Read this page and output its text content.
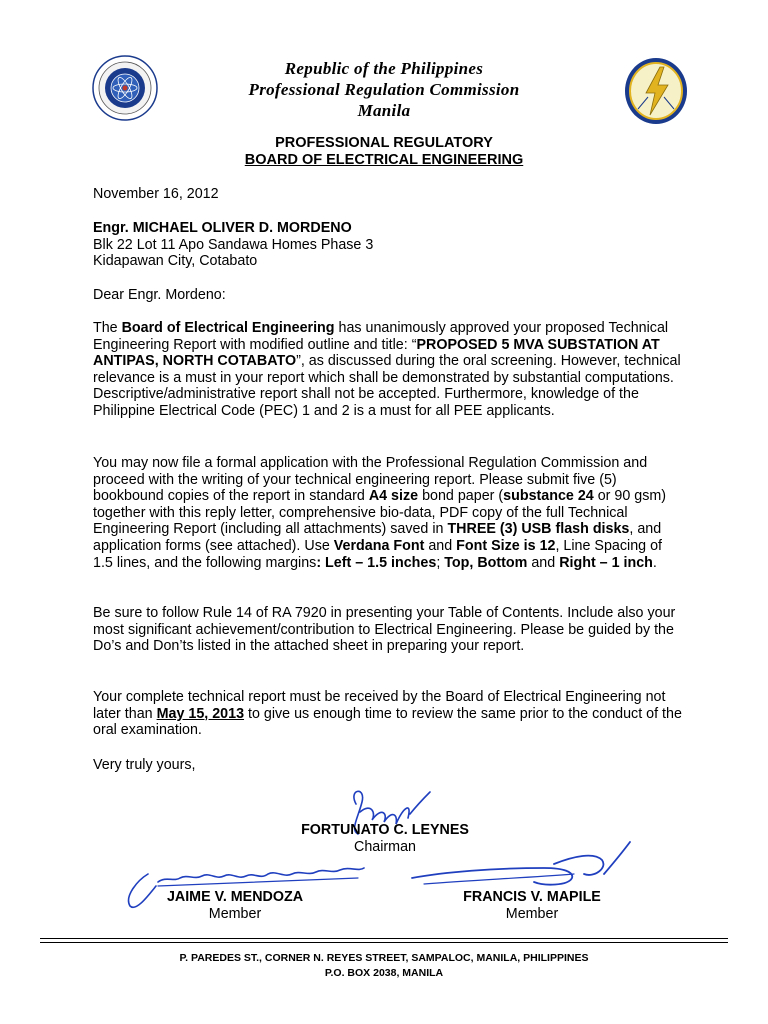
Republic of the Philippines
Professional Regulation Commission
Manila
PROFESSIONAL REGULATORY
BOARD OF ELECTRICAL ENGINEERING
November 16, 2012
Engr. MICHAEL OLIVER D. MORDENO
Blk 22 Lot 11 Apo Sandawa Homes Phase 3
Kidapawan City, Cotabato
Dear Engr. Mordeno:

The Board of Electrical Engineering has unanimously approved your proposed Technical Engineering Report with modified outline and title: “PROPOSED 5 MVA SUBSTATION AT ANTIPAS, NORTH COTABATO”, as discussed during the oral screening. However, technical relevance is a must in your report which shall be demonstrated by substantial computations. Descriptive/administrative report shall not be accepted. Furthermore, knowledge of the Philippine Electrical Code (PEC) 1 and 2 is a must for all PEE applicants.

You may now file a formal application with the Professional Regulation Commission and proceed with the writing of your technical engineering report. Please submit five (5) bookbound copies of the report in standard A4 size bond paper (substance 24 or 90 gsm) together with this reply letter, comprehensive bio-data, PDF copy of the full Technical Engineering Report (including all attachments) saved in THREE (3) USB flash disks, and application forms (see attached). Use Verdana Font and Font Size is 12, Line Spacing of 1.5 lines, and the following margins: Left – 1.5 inches; Top, Bottom and Right – 1 inch.

Be sure to follow Rule 14 of RA 7920 in presenting your Table of Contents. Include also your most significant achievement/contribution to Electrical Engineering. Please be guided by the Do’s and Don’ts listed in the attached sheet in preparing your report.

Your complete technical report must be received by the Board of Electrical Engineering not later than May 15, 2013 to give us enough time to review the same prior to the conduct of the oral examination.

Very truly yours,
FORTUNATO C. LEYNES
Chairman
JAIME V. MENDOZA
Member
FRANCIS V. MAPILE
Member
P. PAREDES ST., CORNER N. REYES STREET, SAMPALOC, MANILA, PHILIPPINES
P.O. BOX 2038, MANILA
